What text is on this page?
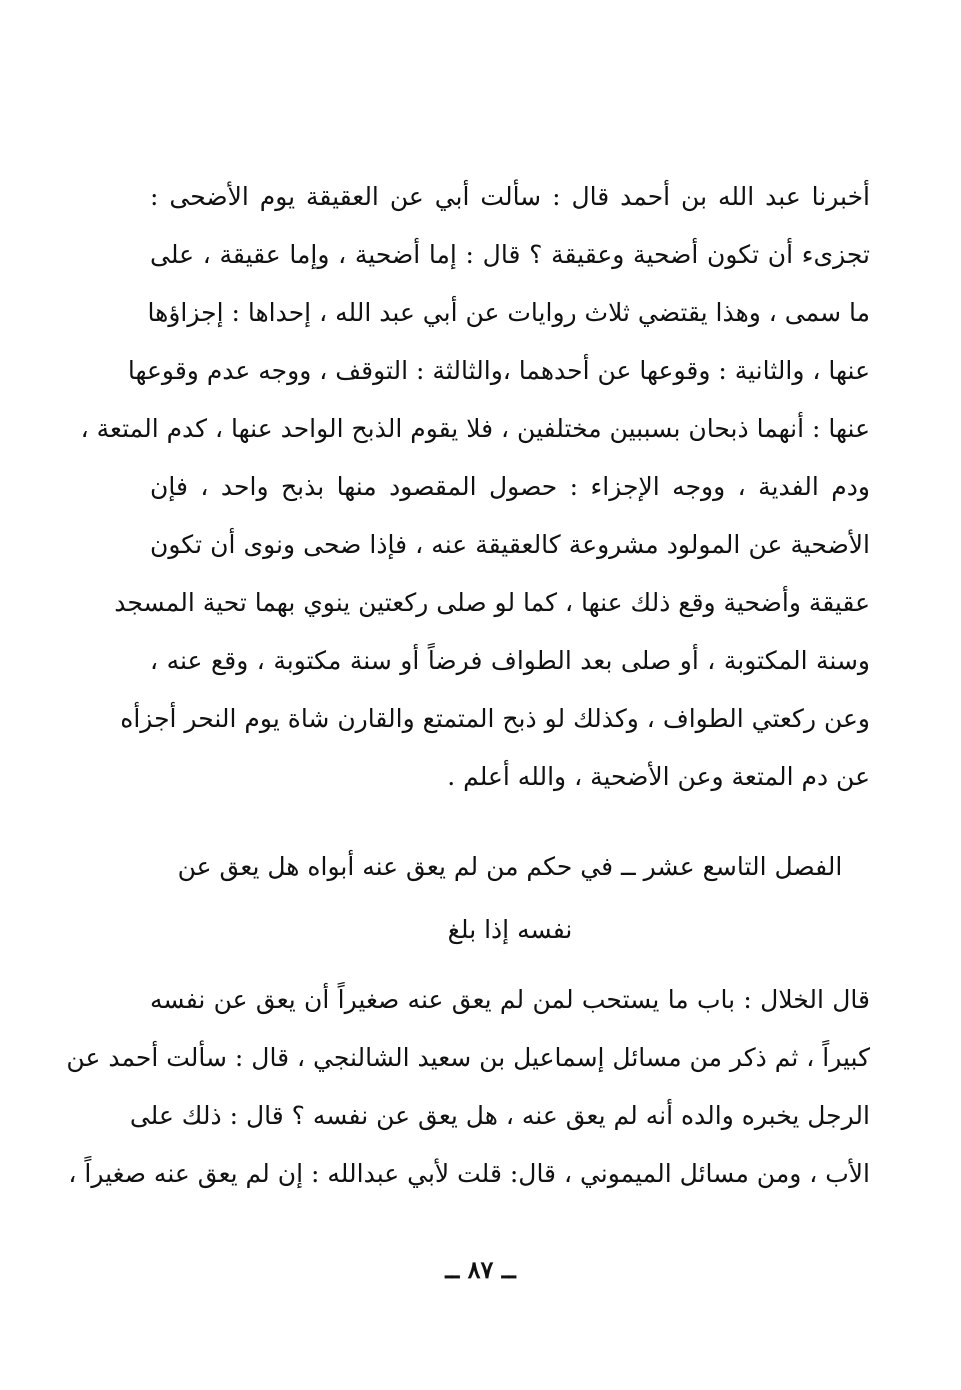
أخبرنا عبد الله بن أحمد قال : سألت أبي عن العقيقة يوم الأضحى :
تجزىء أن تكون أضحية وعقيقة ؟ قال : إما أضحية ، وإما عقيقة ، على
ما سمى ، وهذا يقتضي ثلاث روايات عن أبي عبد الله ، إحداها : إجزاؤها
عنها ، والثانية : وقوعها عن أحدهما ،والثالثة : التوقف ، ووجه عدم وقوعها
عنها : أنهما ذبحان بسببين مختلفين ، فلا يقوم الذبح الواحد عنها ، كدم المتعة ،
ودم الفدية ، ووجه الإجزاء : حصول المقصود منها بذبح واحد ، فإن
الأضحية عن المولود مشروعة كالعقيقة عنه ، فإذا ضحى ونوى أن تكون
عقيقة وأضحية وقع ذلك عنها ، كما لو صلى ركعتين ينوي بهما تحية المسجد
وسنة المكتوبة ، أو صلى بعد الطواف فرضاً أو سنة مكتوبة ، وقع عنه ،
وعن ركعتي الطواف ، وكذلك لو ذبح المتمتع والقارن شاة يوم النحر أجزأه
عن دم المتعة وعن الأضحية ، والله أعلم .
الفصل التاسع عشر ــ في حكم من لم يعق عنه أبواه هل يعق عن
نفسه إذا بلغ
قال الخلال : باب ما يستحب لمن لم يعق عنه صغيراً أن يعق عن نفسه
كبيراً ، ثم ذكر من مسائل إسماعيل بن سعيد الشالنجي ، قال : سألت أحمد عن
الرجل يخبره والده أنه لم يعق عنه ، هل يعق عن نفسه ؟ قال : ذلك على
الأب ، ومن مسائل الميموني ، قال: قلت لأبي عبدالله : إن لم يعق عنه صغيراً ،
ــ ٨٧ ــ
